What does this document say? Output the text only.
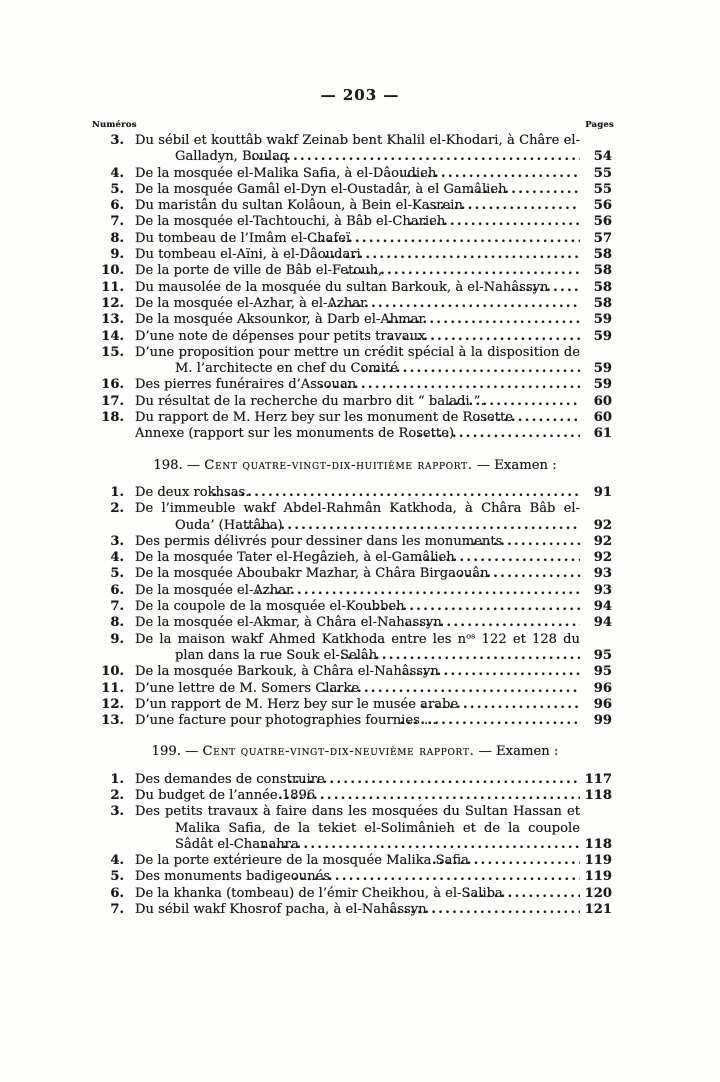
— 203 —
Numéros	Pages
3. Du sébil et kouttâb wakf Zeinab bent Khalil el-Khodari, à Châre el-Galladyn, Boulaq	54
4. De la mosquée el-Malika Safia, à el-Dâoudieh	55
5. De la mosquée Gamâl el-Dyn el-Oustadâr, à el Gamâlieh	55
6. Du maristân du sultan Kolâoun, à Bein el-Kasrein	56
7. De la mosquée el-Tachtouchi, à Bâb el-Charieh	56
8. Du tombeau de l’Imâm el-Chafeï	57
9. Du tombeau el-Aïni, à el-Dâoudari	58
10. De la porte de ville de Bâb el-Fetouh,	58
11. Du mausolée de la mosquée du sultan Barkouk, à el-Nahâssyn	58
12. De la mosquée el-Azhar, à el-Azhar	58
13. De la mosquée Aksounkor, à Darb el-Ahmar	59
14. D’une note de dépenses pour petits travaux	59
15. D’une proposition pour mettre un crédit spécial à la disposition de M. l’architecte en chef du Comité	59
16. Des pierres funéraires d’Assouan	59
17. Du résultat de la recherche du marbro dit “ baladi ”.	60
18. Du rapport de M. Herz bey sur les monument de Rosette	60
Annexe (rapport sur les monuments de Rosette)	61
198. — Cent quatre-vingt-dix-huitième rapport. — Examen :
1. De deux rokhsas.	91
2. De l’immeuble wakf Abdel-Rahmân Katkhoda, à Châra Bâb el-Ouda’ (Hattâba)	92
3. Des permis délivrés pour dessiner dans les monuments	92
4. De la mosquée Tater el-Hegâzieh, à el-Gamâlieh	92
5. De la mosquée Aboubakr Mazhar, à Châra Birgaouân	93
6. De la mosquée el-Azhar	93
7. De la coupole de la mosquée el-Koubbeh	94
8. De la mosquée el-Akmar, à Châra el-Nahassyn	94
9. De la maison wakf Ahmed Katkhoda entre les nᵒˢ 122 et 128 du plan dans la rue Souk el-Selâh	95
10. De la mosquée Barkouk, à Châra el-Nahâssyn	95
11. D’une lettre de M. Somers Clarke	96
12. D’un rapport de M. Herz bey sur le musée arabe	96
13. D’une facture pour photographies fournies ...	99
199. — Cent quatre-vingt-dix-neuvième rapport. — Examen :
1. Des demandes de construire	117
2. Du budget de l’année 1896	118
3. Des petits travaux à faire dans les mosquées du Sultan Hassan et Malika Safia, de la tekiet el-Solimânieh et de la coupole Sâdât el-Chanahra	118
4. De la porte extérieure de la mosquée Malika Safia	119
5. Des monuments badigeounés	119
6. De la khanka (tombeau) de l’émir Cheikhou, à el-Saliba	120
7. Du sébil wakf Khosrof pacha, à el-Nahâssyn	121
